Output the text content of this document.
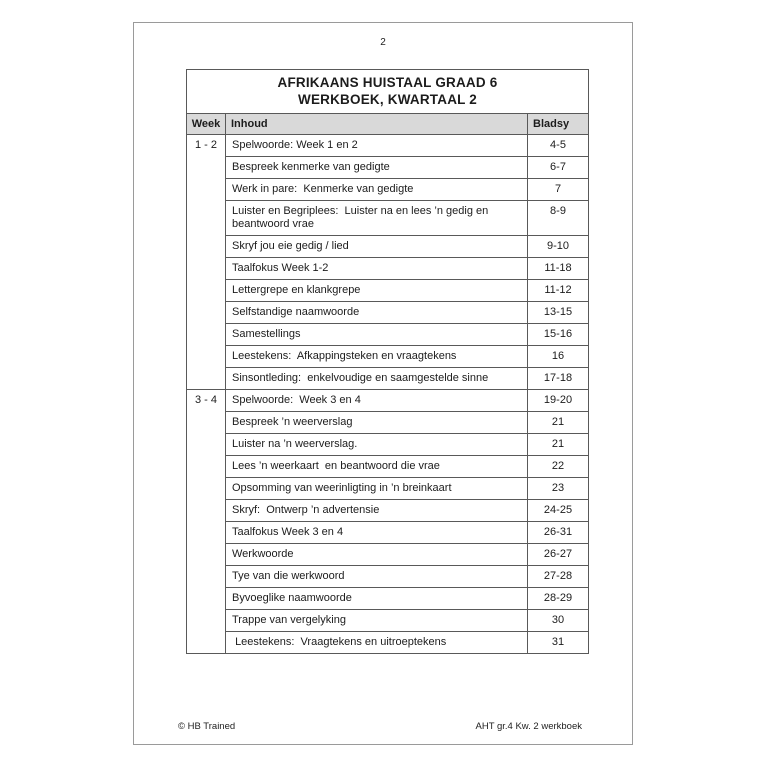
2
AFRIKAANS HUISTAAL GRAAD 6
WERKBOEK, KWARTAAL 2		

Week	Inhoud	Bladsy
1 - 2	Spelwoorde: Week 1 en 2	4-5
	Bespreek kenmerke van gedigte	6-7
	Werk in pare:  Kenmerke van gedigte	7
	Luister en Begriplees:  Luister na en lees ’n gedig en beantwoord vrae	8-9
	Skryf jou eie gedig / lied	9-10
	Taalfokus Week 1-2	11-18
	Lettergrepe en klankgrepe	11-12
	Selfstandige naamwoorde	13-15
	Samestellings	15-16
	Leestekens:  Afkappingsteken en vraagtekens	16
	Sinsontleding:  enkelvoudige en saamgestelde sinne	17-18
3 - 4	Spelwoorde:  Week 3 en 4	19-20
	Bespreek ’n weerverslag	21
	Luister na ’n weerverslag.	21
	Lees ’n weerkaart  en beantwoord die vrae	22
	Opsomming van weerinligting in ’n breinkaart	23
	Skryf:  Ontwerp ’n advertensie	24-25
	Taalfokus Week 3 en 4	26-31
	Werkwoorde	26-27
	Tye van die werkwoord	27-28
	Byvoeglike naamwoorde	28-29
	Trappe van vergelyking	30
	Leestekens:  Vraagtekens en uitroeptekens	31
© HB Trained	AHT gr.4 Kw. 2 werkboek
